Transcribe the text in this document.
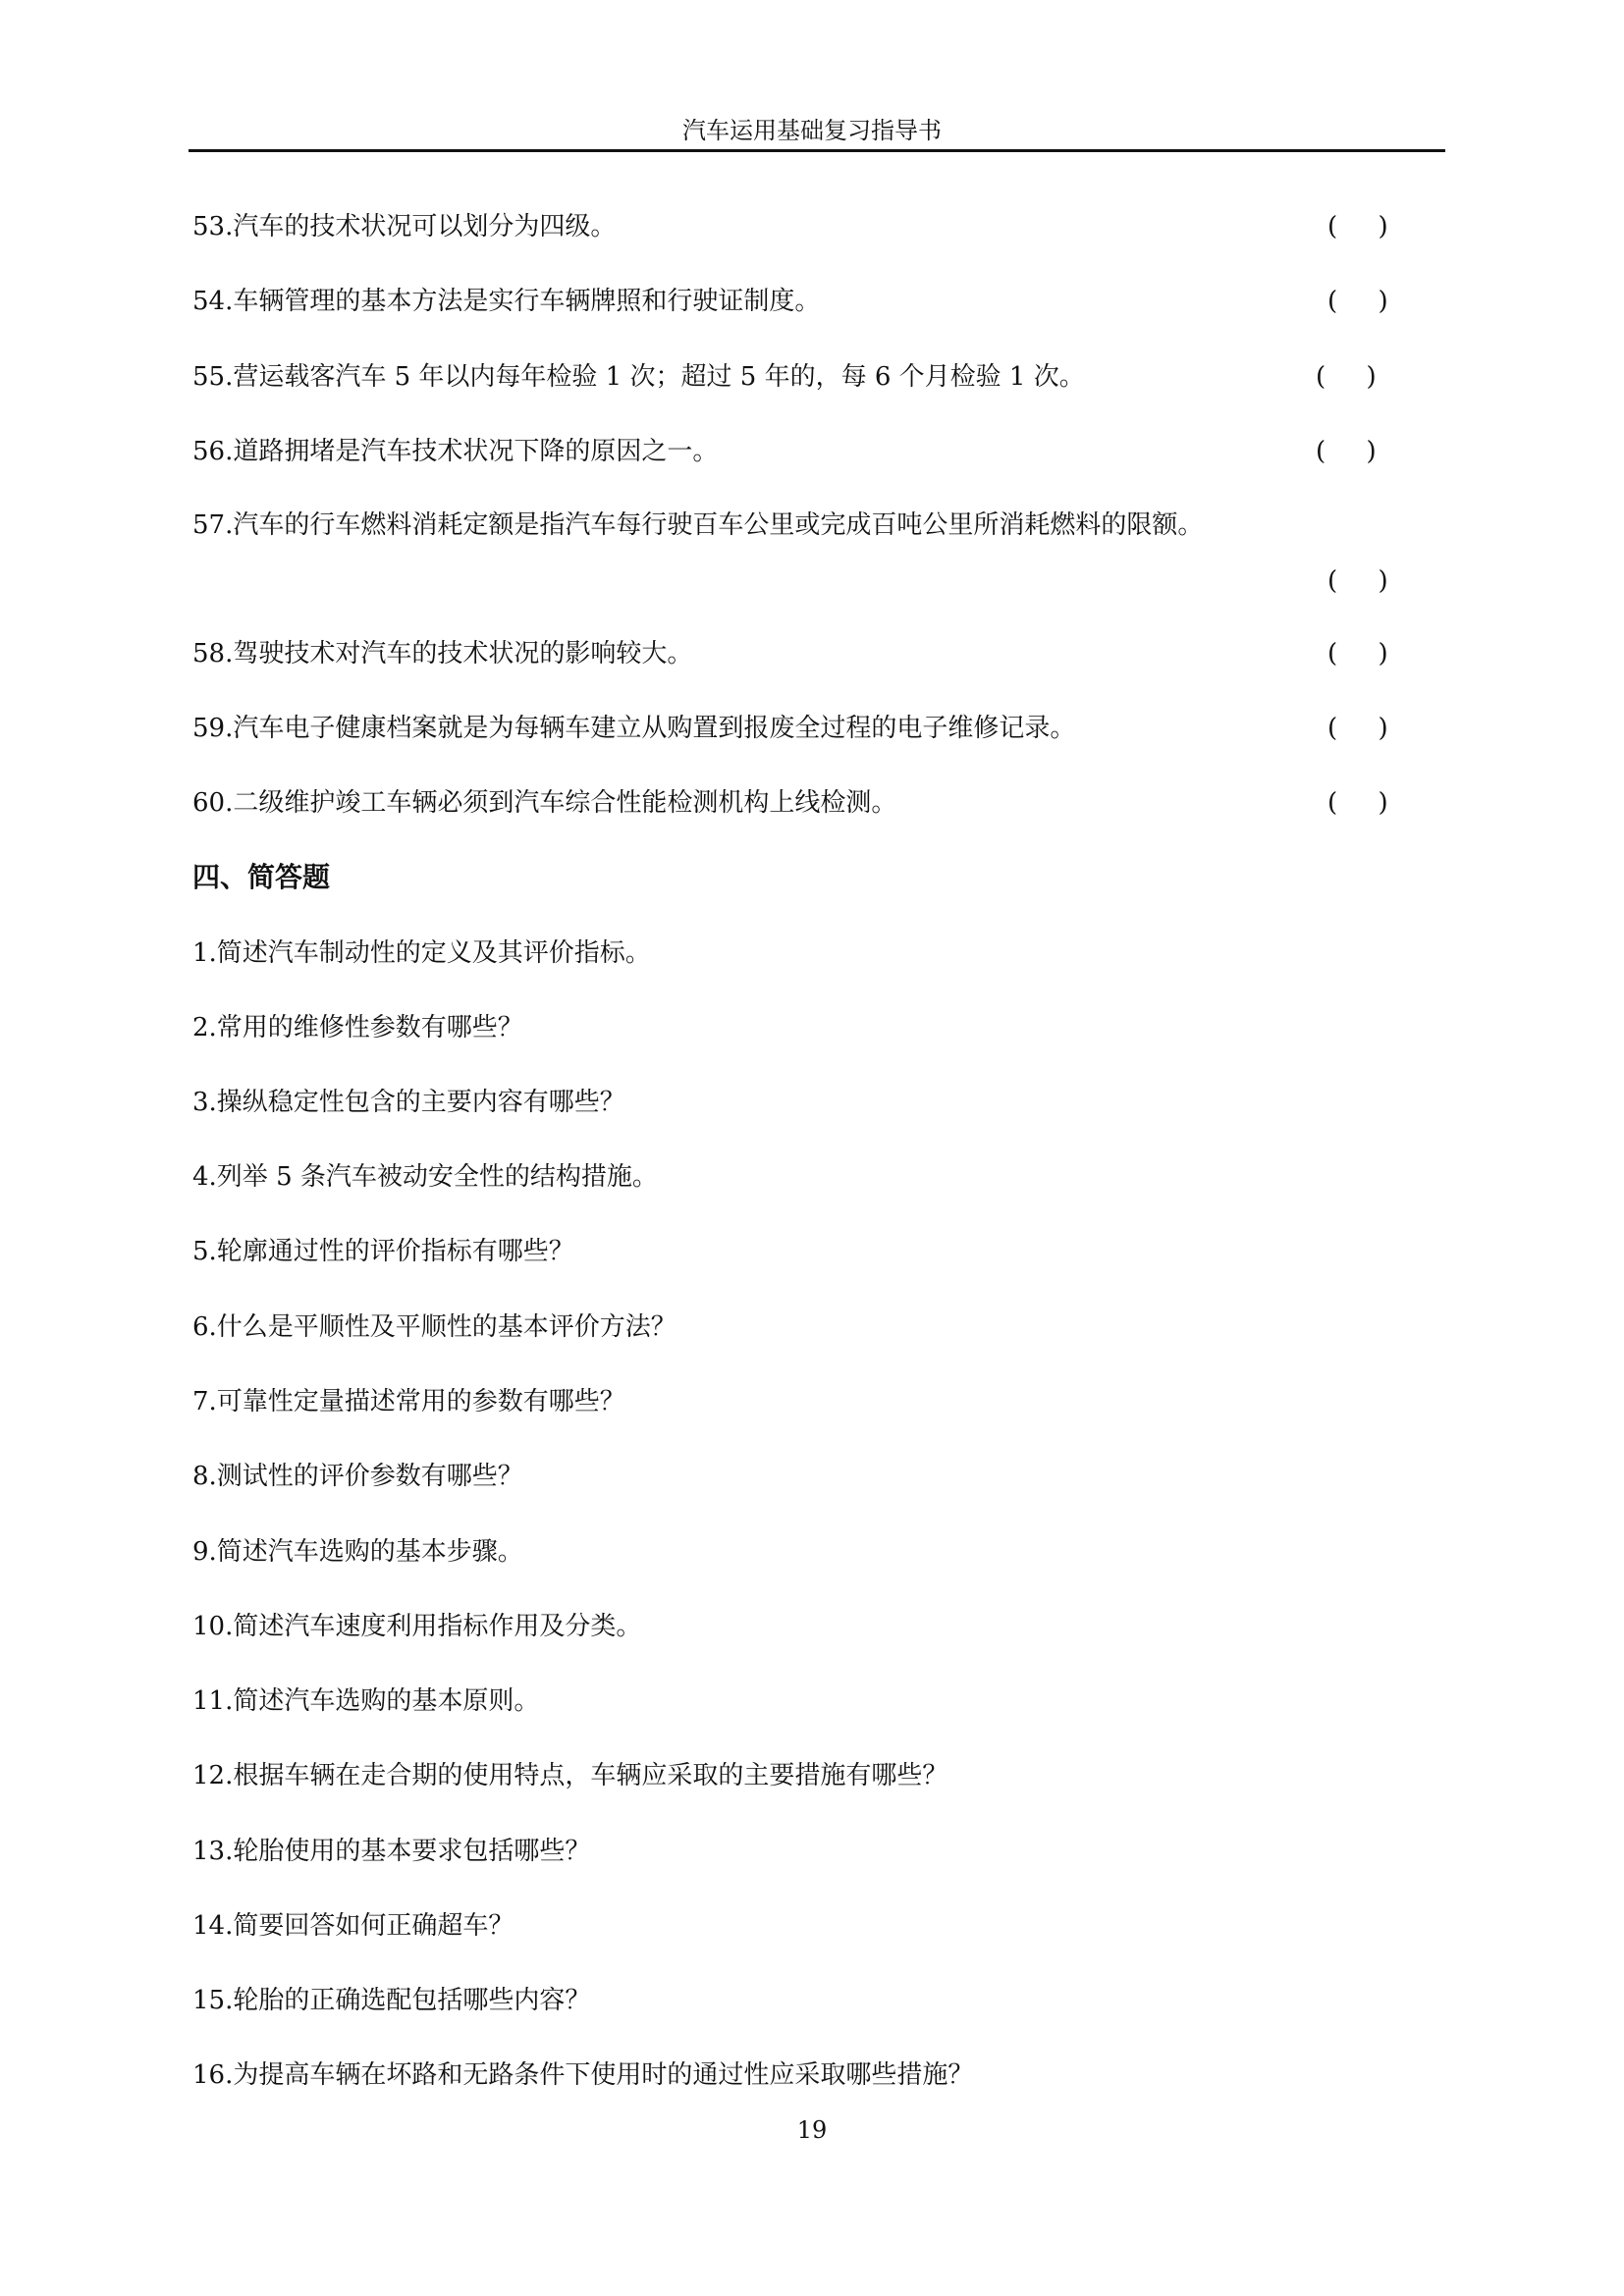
汽车运用基础复习指导书
53.汽车的技术状况可以划分为四级。	(     )
54.车辆管理的基本方法是实行车辆牌照和行驶证制度。	(     )
55.营运载客汽车 5 年以内每年检验 1 次；超过 5 年的，每 6 个月检验 1 次。	(     )
56.道路拥堵是汽车技术状况下降的原因之一。	(     )
57.汽车的行车燃料消耗定额是指汽车每行驶百车公里或完成百吨公里所消耗燃料的限额。
(     )
58.驾驶技术对汽车的技术状况的影响较大。	(     )
59.汽车电子健康档案就是为每辆车建立从购置到报废全过程的电子维修记录。	(     )
60.二级维护竣工车辆必须到汽车综合性能检测机构上线检测。	(     )
四、简答题
1.简述汽车制动性的定义及其评价指标。
2.常用的维修性参数有哪些？
3.操纵稳定性包含的主要内容有哪些？
4.列举 5 条汽车被动安全性的结构措施。
5.轮廓通过性的评价指标有哪些？
6.什么是平顺性及平顺性的基本评价方法？
7.可靠性定量描述常用的参数有哪些？
8.测试性的评价参数有哪些？
9.简述汽车选购的基本步骤。
10.简述汽车速度利用指标作用及分类。
11.简述汽车选购的基本原则。
12.根据车辆在走合期的使用特点，车辆应采取的主要措施有哪些？
13.轮胎使用的基本要求包括哪些？
14.简要回答如何正确超车？
15.轮胎的正确选配包括哪些内容？
16.为提高车辆在坏路和无路条件下使用时的通过性应采取哪些措施？
19
